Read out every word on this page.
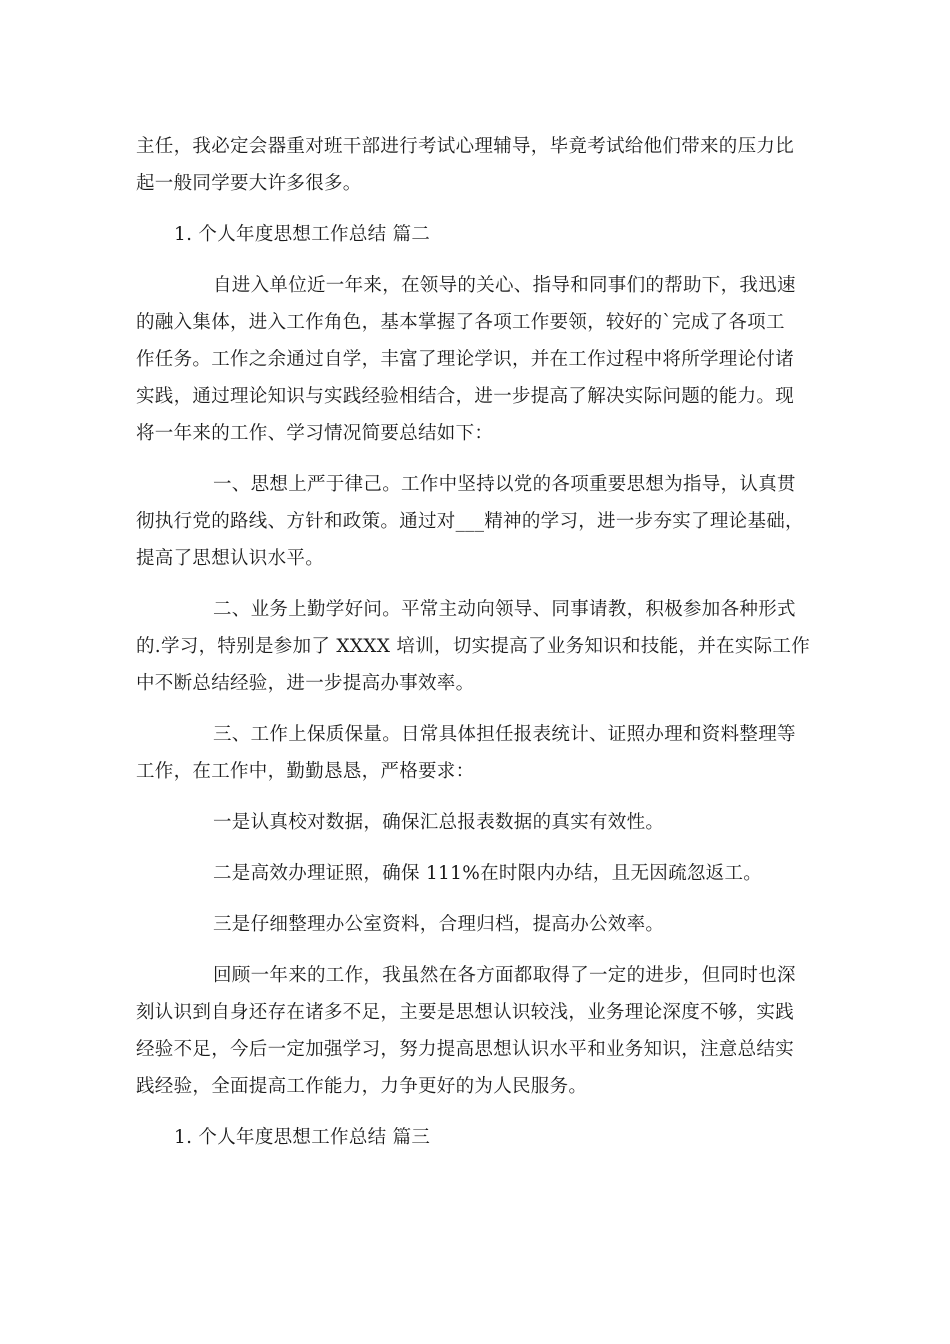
主任，我必定会器重对班干部进行考试心理辅导，毕竟考试给他们带来的压力比
起一般同学要大许多很多。

1. 个人年度思想工作总结 篇二

自进入单位近一年来，在领导的关心、指导和同事们的帮助下，我迅速
的融入集体，进入工作角色，基本掌握了各项工作要领，较好的`完成了各项工
作任务。工作之余通过自学，丰富了理论学识，并在工作过程中将所学理论付诸
实践，通过理论知识与实践经验相结合，进一步提高了解决实际问题的能力。现
将一年来的工作、学习情况简要总结如下：

一、思想上严于律己。工作中坚持以党的各项重要思想为指导，认真贯
彻执行党的路线、方针和政策。通过对___精神的学习，进一步夯实了理论基础，
提高了思想认识水平。

二、业务上勤学好问。平常主动向领导、同事请教，积极参加各种形式
的.学习，特别是参加了 XXXX 培训，切实提高了业务知识和技能，并在实际工作
中不断总结经验，进一步提高办事效率。

三、工作上保质保量。日常具体担任报表统计、证照办理和资料整理等
工作，在工作中，勤勤恳恳，严格要求：

一是认真校对数据，确保汇总报表数据的真实有效性。

二是高效办理证照，确保 111%在时限内办结，且无因疏忽返工。

三是仔细整理办公室资料，合理归档，提高办公效率。

回顾一年来的工作，我虽然在各方面都取得了一定的进步，但同时也深
刻认识到自身还存在诸多不足，主要是思想认识较浅，业务理论深度不够，实践
经验不足，今后一定加强学习，努力提高思想认识水平和业务知识，注意总结实
践经验，全面提高工作能力，力争更好的为人民服务。

1. 个人年度思想工作总结 篇三
